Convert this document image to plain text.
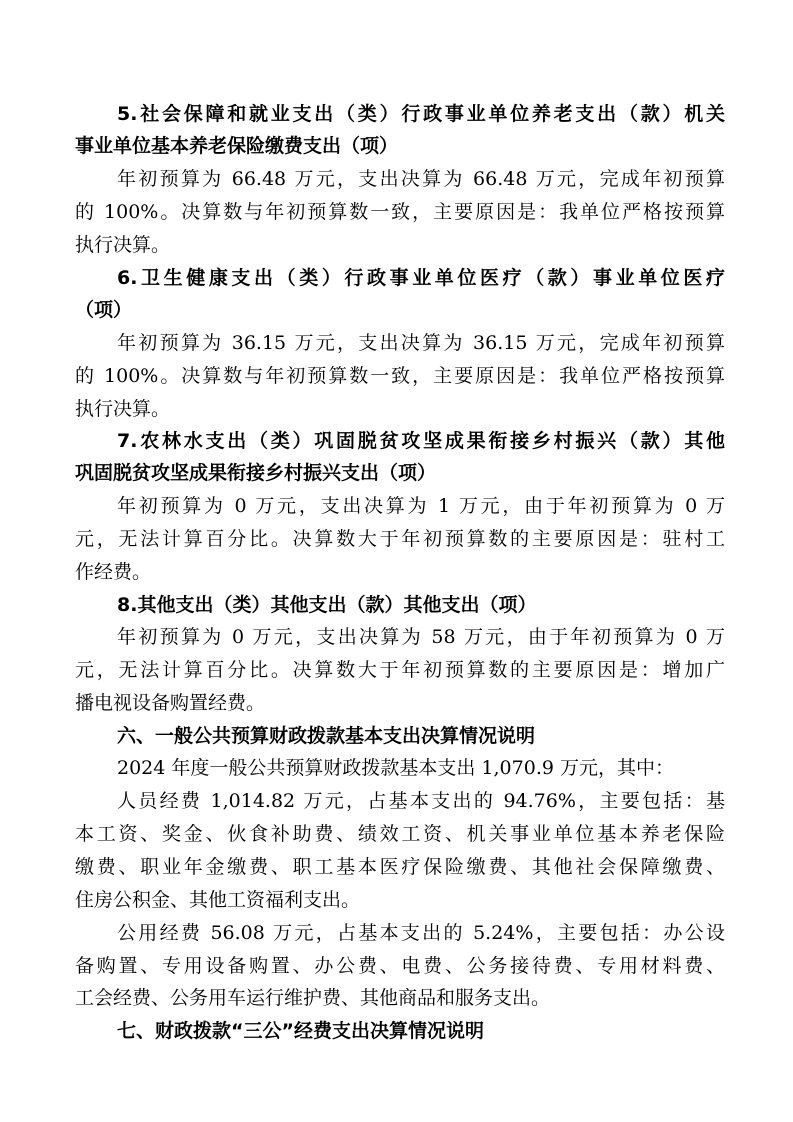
5.社会保障和就业支出（类）行政事业单位养老支出（款）机关
事业单位基本养老保险缴费支出（项）
年初预算为 66.48 万元，支出决算为 66.48 万元，完成年初预算
的 100%。决算数与年初预算数一致，主要原因是：我单位严格按预算
执行决算。
6.卫生健康支出（类）行政事业单位医疗（款）事业单位医疗
（项）
年初预算为 36.15 万元，支出决算为 36.15 万元，完成年初预算
的 100%。决算数与年初预算数一致，主要原因是：我单位严格按预算
执行决算。
7.农林水支出（类）巩固脱贫攻坚成果衔接乡村振兴（款）其他
巩固脱贫攻坚成果衔接乡村振兴支出（项）
年初预算为 0 万元，支出决算为 1 万元，由于年初预算为 0 万
元，无法计算百分比。决算数大于年初预算数的主要原因是：驻村工
作经费。
8.其他支出（类）其他支出（款）其他支出（项）
年初预算为 0 万元，支出决算为 58 万元，由于年初预算为 0 万
元，无法计算百分比。决算数大于年初预算数的主要原因是：增加广
播电视设备购置经费。
六、一般公共预算财政拨款基本支出决算情况说明
2024 年度一般公共预算财政拨款基本支出 1,070.9 万元，其中：
人员经费 1,014.82 万元，占基本支出的 94.76%，主要包括：基
本工资、奖金、伙食补助费、绩效工资、机关事业单位基本养老保险
缴费、职业年金缴费、职工基本医疗保险缴费、其他社会保障缴费、
住房公积金、其他工资福利支出。
公用经费 56.08 万元，占基本支出的 5.24%，主要包括：办公设
备购置、专用设备购置、办公费、电费、公务接待费、专用材料费、
工会经费、公务用车运行维护费、其他商品和服务支出。
七、财政拨款“三公”经费支出决算情况说明
